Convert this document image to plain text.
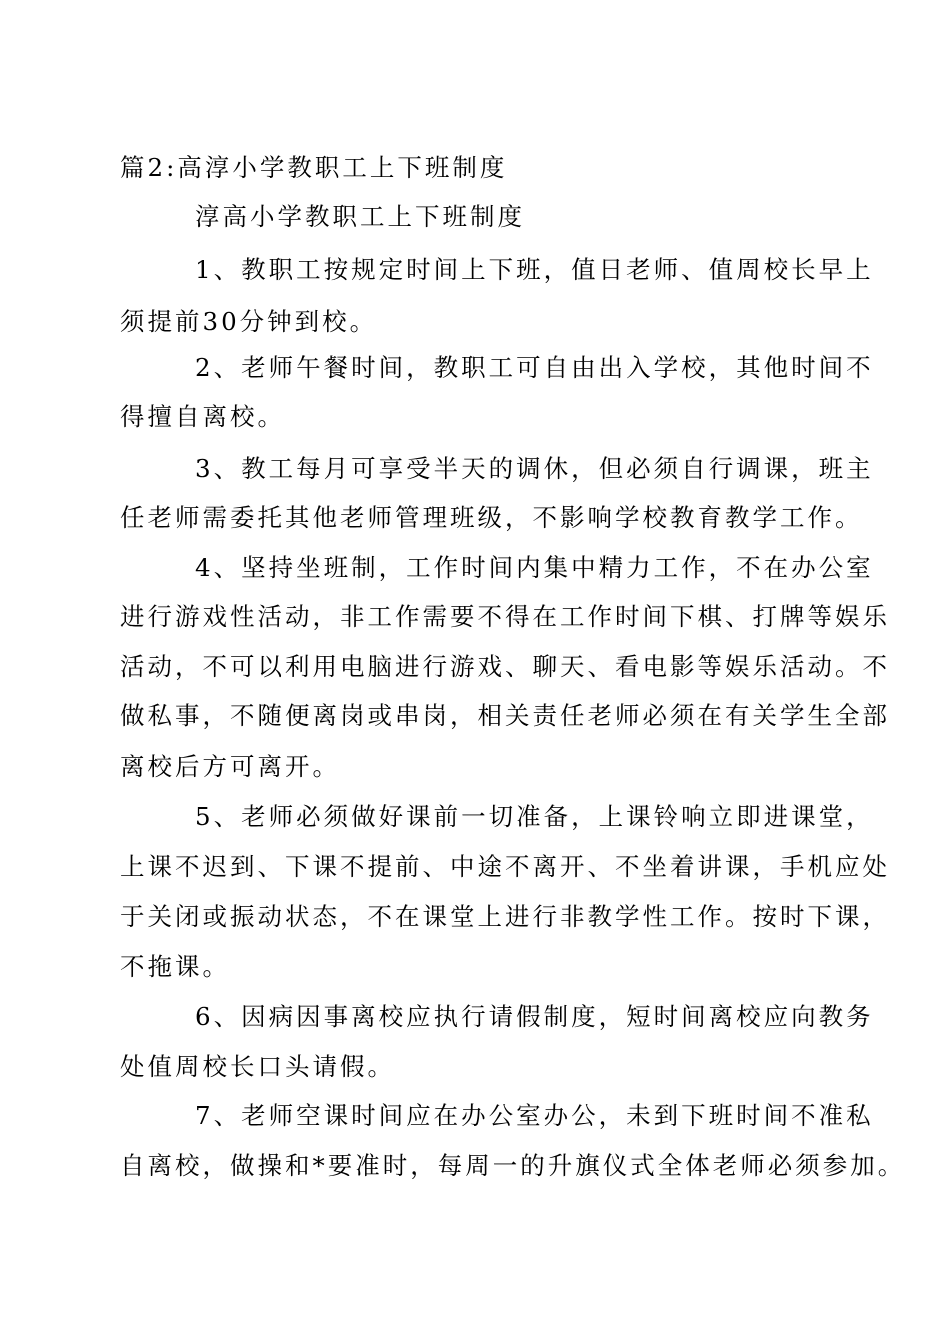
篇2:高淳小学教职工上下班制度
淳高小学教职工上下班制度
1、教职工按规定时间上下班，值日老师、值周校长早上
须提前30分钟到校。
2、老师午餐时间，教职工可自由出入学校，其他时间不
得擅自离校。
3、教工每月可享受半天的调休，但必须自行调课，班主
任老师需委托其他老师管理班级，不影响学校教育教学工作。
4、坚持坐班制，工作时间内集中精力工作，不在办公室
进行游戏性活动，非工作需要不得在工作时间下棋、打牌等娱乐
活动，不可以利用电脑进行游戏、聊天、看电影等娱乐活动。不
做私事，不随便离岗或串岗，相关责任老师必须在有关学生全部
离校后方可离开。
5、老师必须做好课前一切准备，上课铃响立即进课堂，
上课不迟到、下课不提前、中途不离开、不坐着讲课，手机应处
于关闭或振动状态，不在课堂上进行非教学性工作。按时下课，
不拖课。
6、因病因事离校应执行请假制度，短时间离校应向教务
处值周校长口头请假。
7、老师空课时间应在办公室办公，未到下班时间不准私
自离校，做操和*要准时，每周一的升旗仪式全体老师必须参加。
